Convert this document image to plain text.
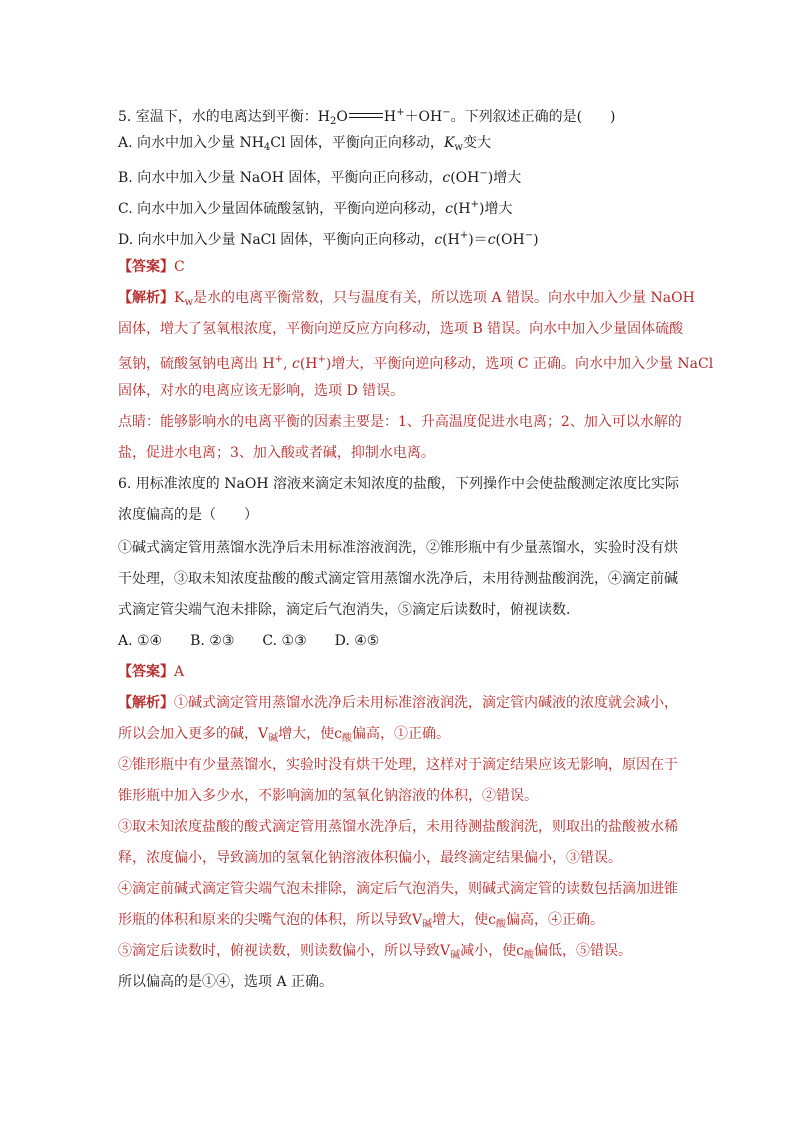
5. 室温下，水的电离达到平衡：$H_2O$	H+＋OH−。下列叙述正确的是(　　)
A. 向水中加入少量 $NH_4Cl$ 固体，平衡向正向移动，$K_w$变大
B. 向水中加入少量 NaOH 固体，平衡向正向移动，c(OH−)增大
C. 向水中加入少量固体硫酸氢钠，平衡向逆向移动，c(H+)增大
D. 向水中加入少量 NaCl 固体，平衡向正向移动，c(H+)＝c(OH−)
【答案】C
【解析】$K_w$是水的电离平衡常数，只与温度有关，所以选项 A 错误。向水中加入少量 NaOH
固体，增大了氢氧根浓度，平衡向逆反应方向移动，选项 B 错误。向水中加入少量固体硫酸
氢钠，硫酸氢钠电离出 H+, c(H+)增大，平衡向逆向移动，选项 C 正确。向水中加入少量 NaCl
固体，对水的电离应该无影响，选项 D 错误。
点睛：能够影响水的电离平衡的因素主要是：1、升高温度促进水电离；2、加入可以水解的
盐，促进水电离；3、加入酸或者碱，抑制水电离。
6. 用标准浓度的 NaOH 溶液来滴定未知浓度的盐酸，下列操作中会使盐酸测定浓度比实际
浓度偏高的是（　　）
①碱式滴定管用蒸馏水洗净后未用标准溶液润洗，②锥形瓶中有少量蒸馏水，实验时没有烘
干处理，③取未知浓度盐酸的酸式滴定管用蒸馏水洗净后，未用待测盐酸润洗，④滴定前碱
式滴定管尖端气泡未排除，滴定后气泡消失，⑤滴定后读数时，俯视读数．
A. ①④　　B. ②③　　C. ①③　　D. ④⑤
【答案】A
【解析】①碱式滴定管用蒸馏水洗净后未用标准溶液润洗，滴定管内碱液的浓度就会减小，
所以会加入更多的碱，$V_碱$增大，使$c_酸$偏高，①正确。
②锥形瓶中有少量蒸馏水，实验时没有烘干处理，这样对于滴定结果应该无影响，原因在于
锥形瓶中加入多少水，不影响滴加的氢氧化钠溶液的体积，②错误。
③取未知浓度盐酸的酸式滴定管用蒸馏水洗净后，未用待测盐酸润洗，则取出的盐酸被水稀
释，浓度偏小，导致滴加的氢氧化钠溶液体积偏小，最终滴定结果偏小，③错误。
④滴定前碱式滴定管尖端气泡未排除，滴定后气泡消失，则碱式滴定管的读数包括滴加进锥
形瓶的体积和原来的尖嘴气泡的体积，所以导致$V_碱$增大，使$c_酸$偏高，④正确。
⑤滴定后读数时，俯视读数，则读数偏小，所以导致$V_碱$减小，使$c_酸$偏低，⑤错误。
所以偏高的是①④，选项 A 正确。
